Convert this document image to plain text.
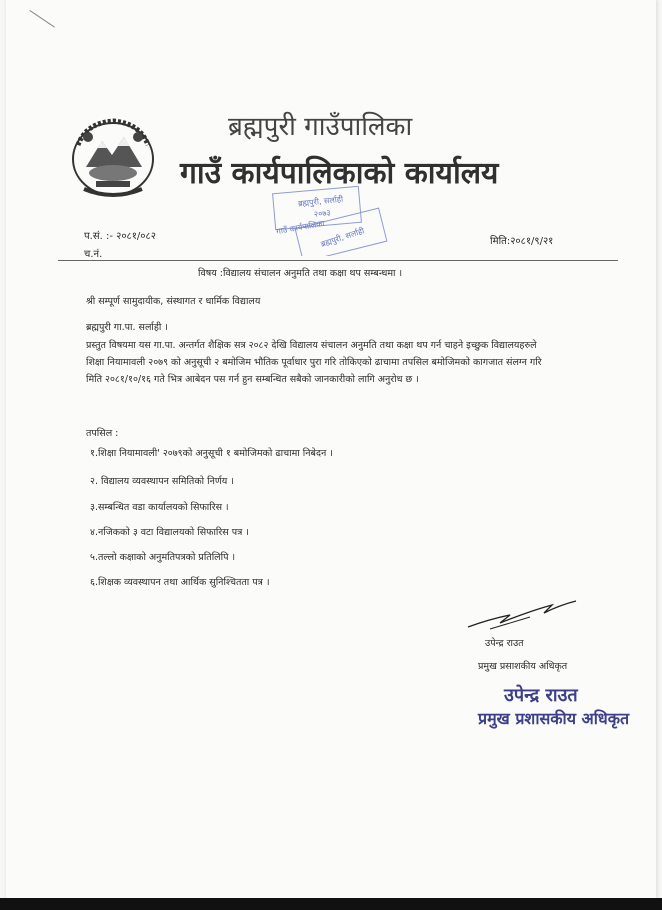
ब्रह्मपुरी गाउँपालिका
गाउँ कार्यपालिकाको कार्यालय
ब्रह्मपुरी, सर्लाही
२०७३
गाउँ कार्यपालिका
ब्रह्मपुरी, सर्लाही
प.सं. :- २०८१/०८२
च.नं.
मिति:२०८१/९/२१
विषय :विद्यालय संचालन अनुमति तथा कक्षा थप सम्बन्धमा ।
श्री सम्पूर्ण सामुदायीक, संस्थागत र धार्मिक विद्यालय
ब्रह्मपुरी गा.पा. सर्लाही ।
प्रस्तुत विषयमा यस गा.पा. अन्तर्गत शैक्षिक सत्र २०८२ देखि विद्यालय संचालन अनुमति तथा कक्षा थप गर्न चाहने इच्छुक विद्यालयहरुले शिक्षा नियामावली २०७९ को अनुसूची २ बमोजिम भौतिक पूर्वाधार पुरा गरि तोकिएको ढाचामा तपसिल बमोजिमको कागजात संलग्न गरि मिति २०८१/१०/१६ गते भित्र आबेदन पस गर्न हुन सम्बन्धित सबैको जानकारीको लागि अनुरोध छ ।
तपसिल :
१.शिक्षा नियामावली' २०७९को अनुसूची १ बमोजिमको ढाचामा निबेदन ।
२. विद्यालय व्यवस्थापन समितिको निर्णय ।
३.सम्बन्धित वडा कार्यालयको सिफारिस ।
४.नजिकको ३ वटा विद्यालयको सिफारिस पत्र ।
५.तल्लो कक्षाको अनुमतिपत्रको प्रतिलिपि ।
६.शिक्षक व्यवस्थापन तथा आर्थिक सुनिश्चितता पत्र ।
उपेन्द्र राउत
प्रमुख प्रसाशकीय अधिकृत
उपेन्द्र राउत
प्रमुख प्रशासकीय अधिकृत
